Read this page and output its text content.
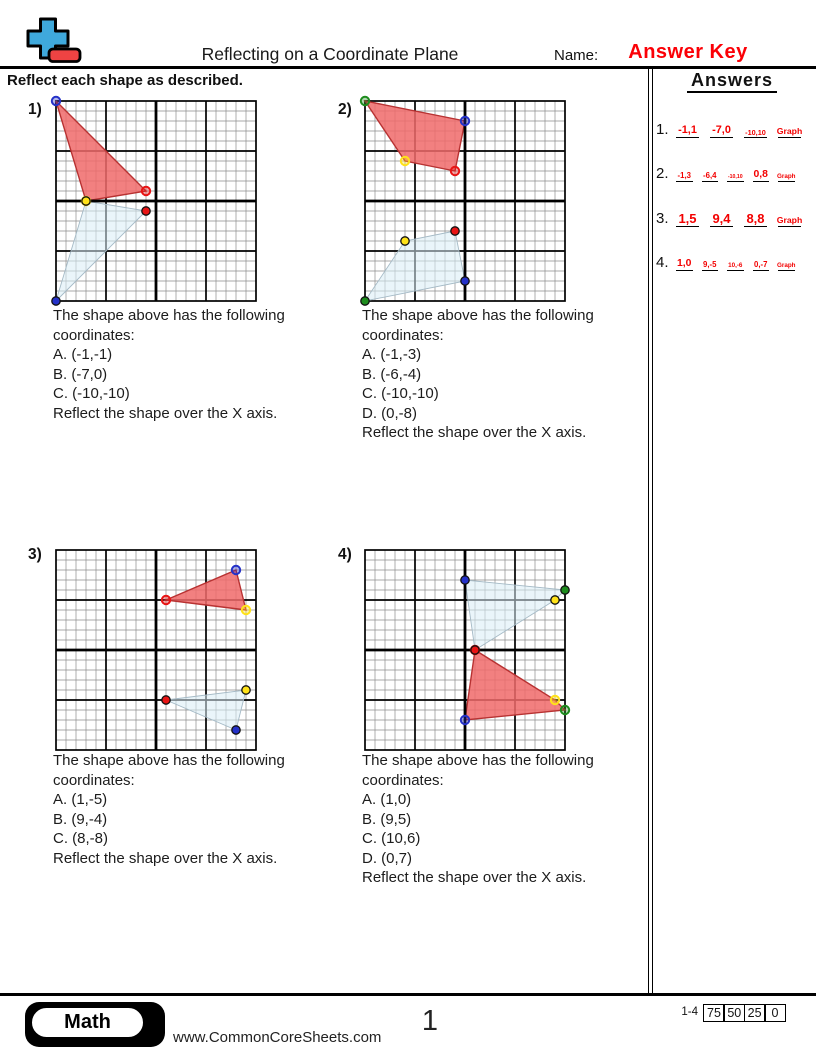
Reflecting on a Coordinate Plane	Name:	Answer Key
Reflect each shape as described.	Answers
1. -1,1 -7,0 -10,10 Graph
2.	-1,3 -6,4 -10,10 0,8 Graph
3. 1,5 9,4 8,8 Graph
4. 1,0 9,-5 10,-6 0,-7 Graph
1)
The shape above has the following
coordinates:
A. (-1,-1)
B. (-7,0)
C. (-10,-10)
Reflect the shape over the X axis.
2)
The shape above has the following
coordinates:
A. (-1,-3)
B. (-6,-4)
C. (-10,-10)
D. (0,-8)
Reflect the shape over the X axis.
3)
The shape above has the following
coordinates:
A. (1,-5)
B. (9,-4)
C. (8,-8)
Reflect the shape over the X axis.
4)
The shape above has the following
coordinates:
A. (1,0)
B. (9,5)
C. (10,6)
D. (0,7)
Reflect the shape over the X axis.
Math
www.CommonCoreSheets.com
1	1-4 75 50 25 0
